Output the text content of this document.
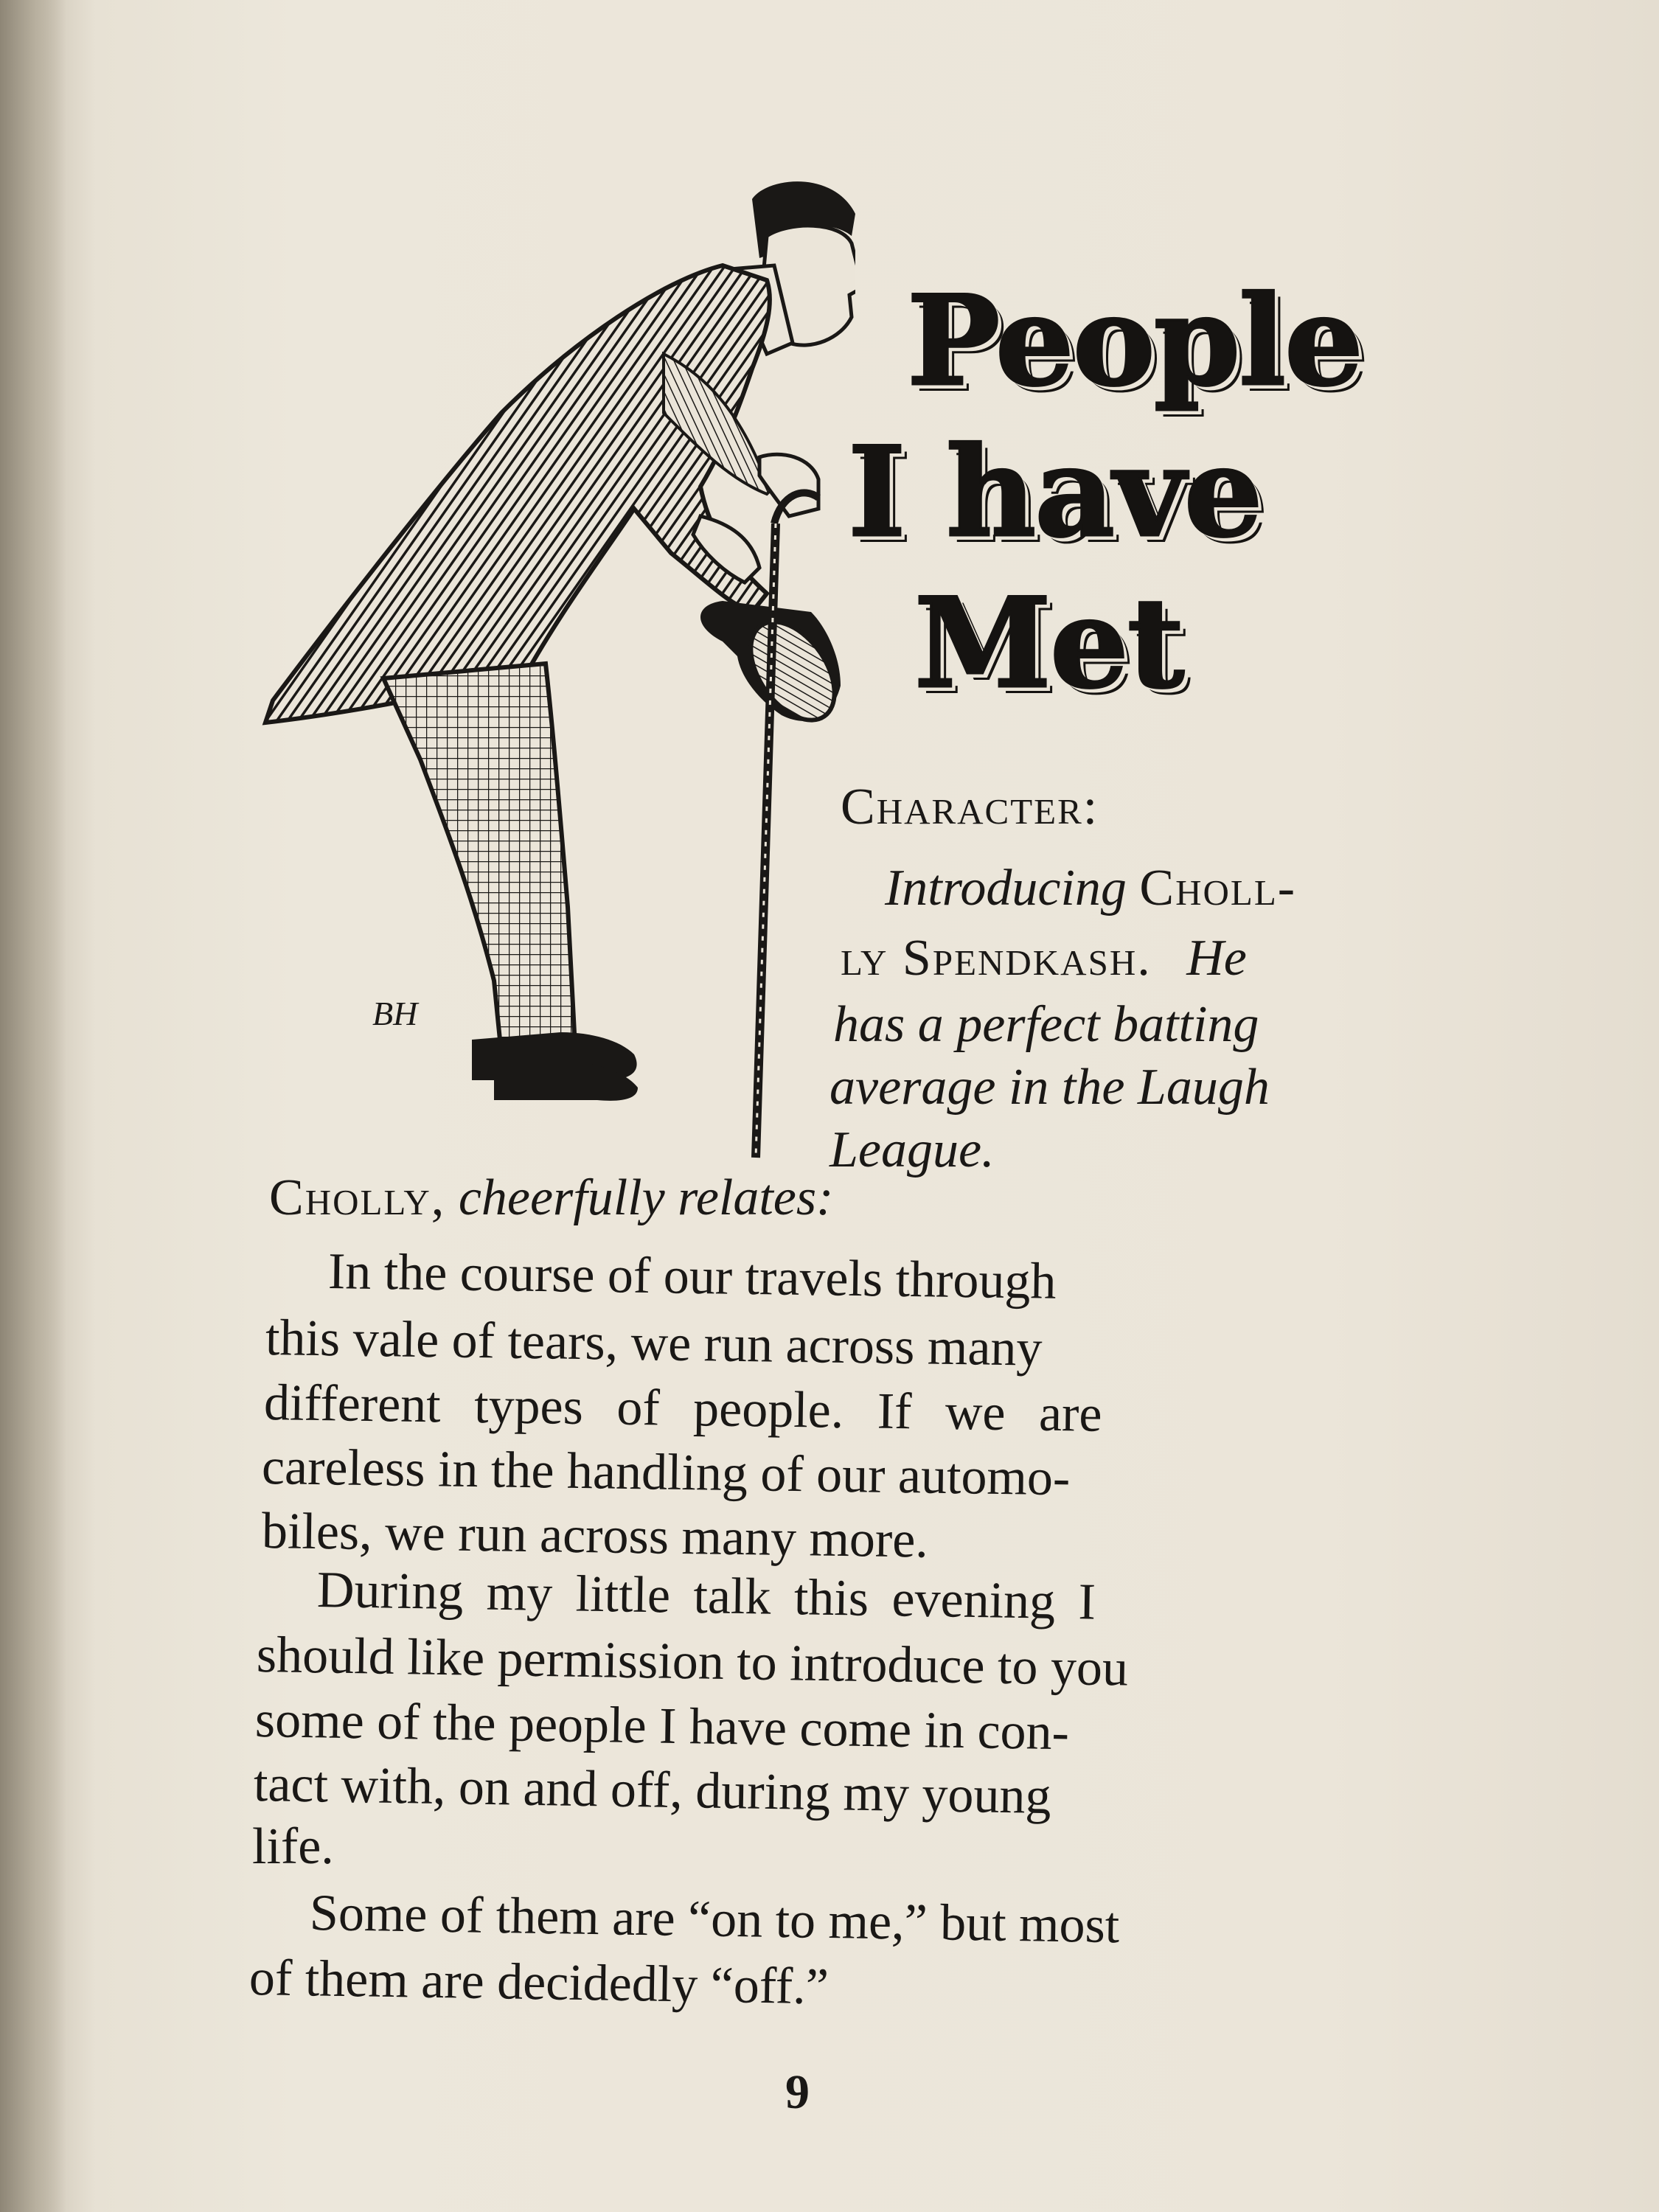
BH
People
I have
Met
Character:
Introducing Choll-
ly Spendkash. He
has a perfect batting
average in the Laugh
League.
Cholly, cheerfully relates:
In the course of our travels through
this vale of tears, we run across many
different types of people. If we are
careless in the handling of our automo-
biles, we run across many more.
During my little talk this evening I
should like permission to introduce to you
some of the people I have come in con-
tact with, on and off, during my young
life.
Some of them are “on to me,” but most
of them are decidedly “off.”
9
